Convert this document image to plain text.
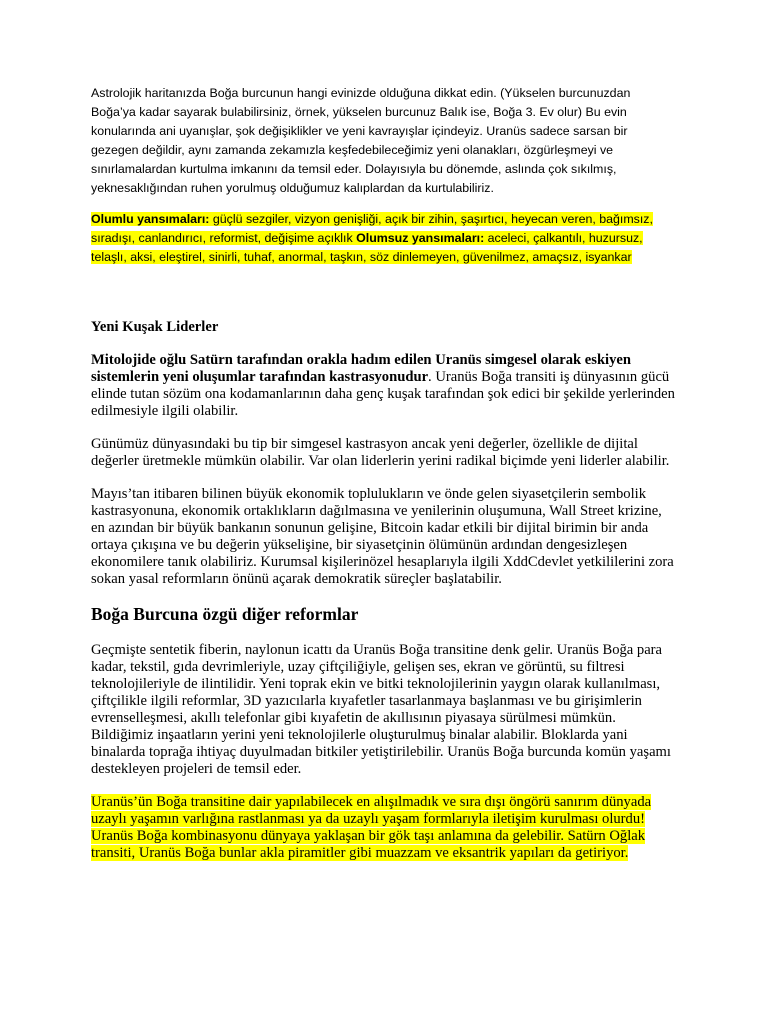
Astrolojik haritanızda Boğa burcunun hangi evinizde olduğuna dikkat edin. (Yükselen burcunuzdan Boğa’ya kadar sayarak bulabilirsiniz, örnek, yükselen burcunuz Balık ise, Boğa 3. Ev olur) Bu evin konularında ani uyanışlar, şok değişiklikler ve yeni kavrayışlar içindeyiz. Uranüs sadece sarsan bir gezegen değildir, aynı zamanda zekamızla keşfedebileceğimiz yeni olanakları, özgürleşmeyi ve sınırlamalardan kurtulma imkanını da temsil eder. Dolayısıyla bu dönemde, aslında çok sıkılmış, yeknesaklığından ruhen yorulmuş olduğumuz kalıplardan da kurtulabiliriz.

Olumlu yansımaları: güçlü sezgiler, vizyon genişliği, açık bir zihin, şaşırtıcı, heyecan veren, bağımsız, sıradışı, canlandırıcı, reformist, değişime açıklık Olumsuz yansımaları: aceleci, çalkantılı, huzursuz, telaşlı, aksi, eleştirel, sinirli, tuhaf, anormal, taşkın, söz dinlemeyen, güvenilmez, amaçsız, isyankar

Yeni Kuşak Liderler

Mitolojide oğlu Satürn tarafından orakla hadım edilen Uranüs simgesel olarak eskiyen sistemlerin yeni oluşumlar tarafından kastrasyonudur. Uranüs Boğa transiti iş dünyasının gücü elinde tutan sözüm ona kodamanlarının daha genç kuşak tarafından şok edici bir şekilde yerlerinden edilmesiyle ilgili olabilir.

Günümüz dünyasındaki bu tip bir simgesel kastrasyon ancak yeni değerler, özellikle de dijital değerler üretmekle mümkün olabilir. Var olan liderlerin yerini radikal biçimde yeni liderler alabilir.

Mayıs’tan itibaren bilinen büyük ekonomik toplulukların ve önde gelen siyasetçilerin sembolik kastrasyonuna, ekonomik ortaklıkların dağılmasına ve yenilerinin oluşumuna, Wall Street krizine, en azından bir büyük bankanın sonunun gelişine, Bitcoin kadar etkili bir dijital birimin bir anda ortaya çıkışına ve bu değerin yükselişine, bir siyasetçinin ölümünün ardından dengesizleşen ekonomilere tanık olabiliriz. Kurumsal kişilerinözel hesaplarıyla ilgili XddCdevlet yetkililerini zora sokan yasal reformların önünü açarak demokratik süreçler başlatabilir.

Boğa Burcuna özgü diğer reformlar

Geçmişte sentetik fiberin, naylonun icattı da Uranüs Boğa transitine denk gelir. Uranüs Boğa para kadar, tekstil, gıda devrimleriyle, uzay çiftçiliğiyle, gelişen ses, ekran ve görüntü, su filtresi teknolojileriyle de ilintilidir. Yeni toprak ekin ve bitki teknolojilerinin yaygın olarak kullanılması, çiftçilikle ilgili reformlar, 3D yazıcılarla kıyafetler tasarlanmaya başlanması ve bu girişimlerin evrenselleşmesi, akıllı telefonlar gibi kıyafetin de akıllısının piyasaya sürülmesi mümkün. Bildiğimiz inşaatların yerini yeni teknolojilerle oluşturulmuş binalar alabilir. Bloklarda yani binalarda toprağa ihtiyaç duyulmadan bitkiler yetiştirilebilir. Uranüs Boğa burcunda komün yaşamı destekleyen projeleri de temsil eder.

Uranüs’ün Boğa transitine dair yapılabilecek en alışılmadık ve sıra dışı öngörü sanırım dünyada uzaylı yaşamın varlığına rastlanması ya da uzaylı yaşam formlarıyla iletişim kurulması olurdu! Uranüs Boğa kombinasyonu dünyaya yaklaşan bir gök taşı anlamına da gelebilir. Satürn Oğlak transiti, Uranüs Boğa bunlar akla piramitler gibi muazzam ve eksantrik yapıları da getiriyor.
